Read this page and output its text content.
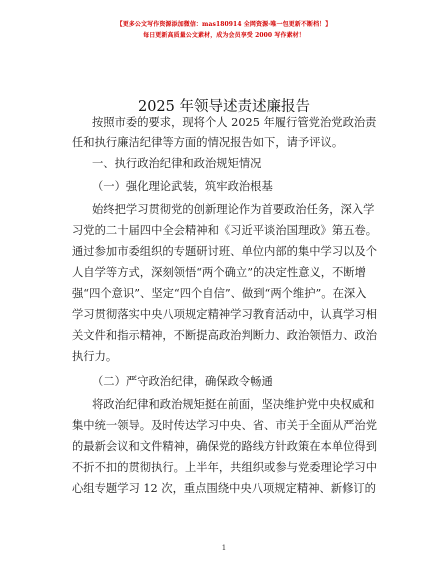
【更多公文写作资源添加微信：mas180914 全网资源·唯一包更新不断档！】
每日更新高质量公文素材，成为会员享受 2000 写作素材！
2025 年领导述责述廉报告
按照市委的要求，现将个人 2025 年履行管党治党政治责
任和执行廉洁纪律等方面的情况报告如下，请予评议。
一、执行政治纪律和政治规矩情况
（一）强化理论武装，筑牢政治根基
始终把学习贯彻党的创新理论作为首要政治任务，深入学
习党的二十届四中全会精神和《习近平谈治国理政》第五卷。
通过参加市委组织的专题研讨班、单位内部的集中学习以及个
人自学等方式，深刻领悟“两个确立”的决定性意义，不断增
强“四个意识”、坚定“四个自信”、做到“两个维护”。在深入
学习贯彻落实中央八项规定精神学习教育活动中，认真学习相
关文件和指示精神，不断提高政治判断力、政治领悟力、政治
执行力。
（二）严守政治纪律，确保政令畅通
将政治纪律和政治规矩挺在前面，坚决维护党中央权威和
集中统一领导。及时传达学习中央、省、市关于全面从严治党
的最新会议和文件精神，确保党的路线方针政策在本单位得到
不折不扣的贯彻执行。上半年，共组织或参与党委理论学习中
心组专题学习 12 次，重点围绕中央八项规定精神、新修订的
1
